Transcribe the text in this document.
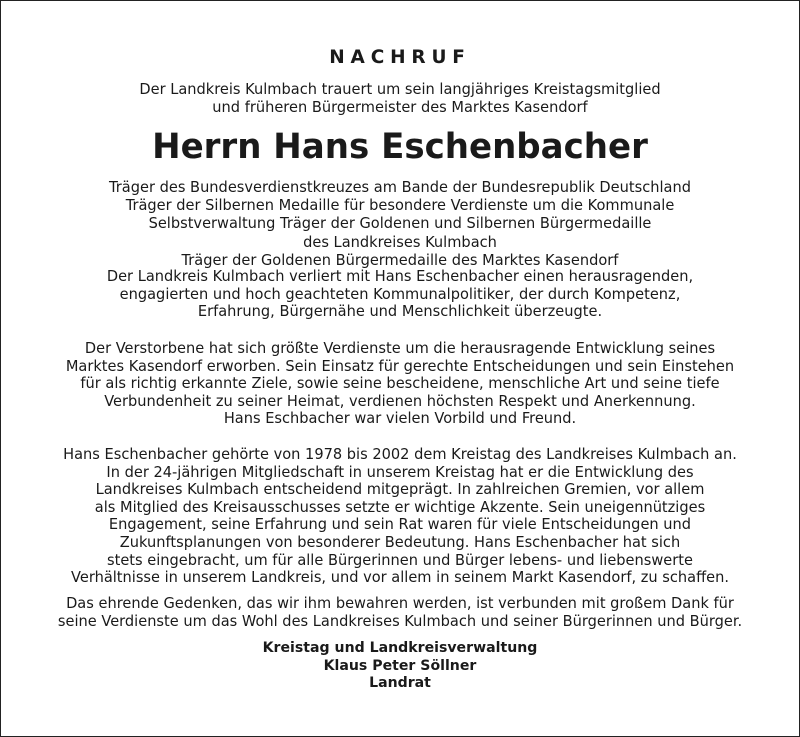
NACHRUF
Der Landkreis Kulmbach trauert um sein langjähriges Kreistagsmitglied
und früheren Bürgermeister des Marktes Kasendorf
Herrn Hans Eschenbacher
Träger des Bundesverdienstkreuzes am Bande der Bundesrepublik Deutschland
Träger der Silbernen Medaille für besondere Verdienste um die Kommunale
Selbstverwaltung Träger der Goldenen und Silbernen Bürgermedaille
des Landkreises Kulmbach
Träger der Goldenen Bürgermedaille des Marktes Kasendorf
Der Landkreis Kulmbach verliert mit Hans Eschenbacher einen herausragenden,
engagierten und hoch geachteten Kommunalpolitiker, der durch Kompetenz,
Erfahrung, Bürgernähe und Menschlichkeit überzeugte.
Der Verstorbene hat sich größte Verdienste um die herausragende Entwicklung seines
Marktes Kasendorf erworben. Sein Einsatz für gerechte Entscheidungen und sein Einstehen
für als richtig erkannte Ziele, sowie seine bescheidene, menschliche Art und seine tiefe
Verbundenheit zu seiner Heimat, verdienen höchsten Respekt und Anerkennung.
Hans Eschbacher war vielen Vorbild und Freund.
Hans Eschenbacher gehörte von 1978 bis 2002 dem Kreistag des Landkreises Kulmbach an.
In der 24-jährigen Mitgliedschaft in unserem Kreistag hat er die Entwicklung des
Landkreises Kulmbach entscheidend mitgeprägt. In zahlreichen Gremien, vor allem
als Mitglied des Kreisausschusses setzte er wichtige Akzente. Sein uneigennütziges
Engagement, seine Erfahrung und sein Rat waren für viele Entscheidungen und
Zukunftsplanungen von besonderer Bedeutung. Hans Eschenbacher hat sich
stets eingebracht, um für alle Bürgerinnen und Bürger lebens- und liebenswerte
Verhältnisse in unserem Landkreis, und vor allem in seinem Markt Kasendorf, zu schaffen.
Das ehrende Gedenken, das wir ihm bewahren werden, ist verbunden mit großem Dank für
seine Verdienste um das Wohl des Landkreises Kulmbach und seiner Bürgerinnen und Bürger.
Kreistag und Landkreisverwaltung
Klaus Peter Söllner
Landrat
